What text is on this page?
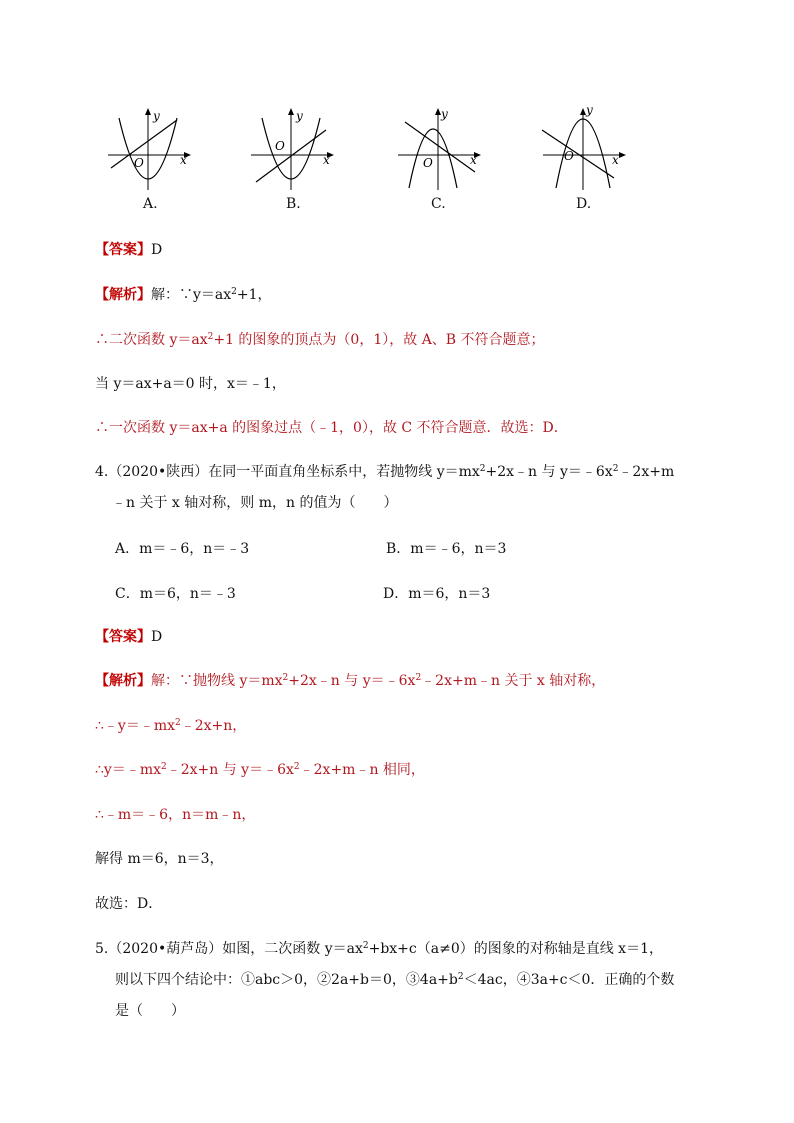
y
x
O
y
x
O
y
x
O
y
x
O
A.	B.	C.	D.
【答案】D
【解析】解：$\because y=ax^2+1$，
∴二次函数 $y=ax^2+1$ 的图象的顶点为（0，1），故 A、B 不符合题意；
当 y＝ax+a＝0 时，x＝﹣1，
∴一次函数 y＝ax+a 的图象过点（﹣1，0），故 C 不符合题意．故选：D．
4.（2020•陕西）在同一平面直角坐标系中，若抛物线 $y=mx^2+2x﹣n$ 与 $y=﹣6x^2﹣2x+m$
﹣n 关于 x 轴对称，则 m，n 的值为（　　）
A．m＝﹣6，n＝﹣3	B．m＝﹣6，n＝3
C．m＝6，n＝﹣3	D．m＝6，n＝3
【答案】D
【解析】解：∵抛物线 $y=mx^2+2x﹣n$ 与 $y=﹣6x^2﹣2x+m﹣n$ 关于 x 轴对称，
$\therefore﹣y=﹣mx^2﹣2x+n$，
$\therefore y=﹣mx^2﹣2x+n$ 与 $y=﹣6x^2﹣2x+m﹣n$ 相同，
∴﹣m＝﹣6，n＝m﹣n，
解得 m＝6，n＝3，
故选：D．
5.（2020•葫芦岛）如图，二次函数 $y=ax^2+bx+c(a\ne 0)$的图象的对称轴是直线 x＝1，
则以下四个结论中：①abc＞0，②2a+b＝0，$③4a+b^2<4ac$，④3a+c＜0．正确的个数
是（　　）
